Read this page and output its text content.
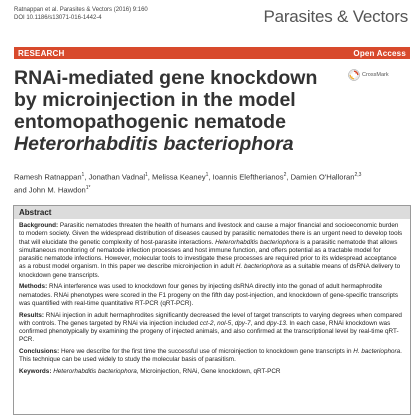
Ratnappan et al. Parasites & Vectors (2016) 9:160
DOI 10.1186/s13071-016-1442-4	Parasites & Vectors
RESEARCH	Open Access
RNAi-mediated gene knockdown by microinjection in the model entomopathogenic nematode
Heterorhabditis bacteriophora
CrossMark
Ramesh Ratnappan$^1$, Jonathan Vadnal$^1$, Melissa Keaney$^1$, Ioannis Eleftherianos$^2$, Damien O'Halloran$^{2,3}$
and John M. Hawdon$^{1*}$
Abstract

Background: Parasitic nematodes threaten the health of humans and livestock and cause a major financial and socioeconomic burden to modern society. Given the widespread distribution of diseases caused by parasitic nematodes there is an urgent need to develop tools that will elucidate the genetic complexity of host-parasite interactions. Heterorhabditis bacteriophora is a parasitic nematode that allows simultaneous monitoring of nematode infection processes and host immune function, and offers potential as a tractable model for parasitic nematode infections. However, molecular tools to investigate these processes are required prior to its widespread acceptance as a robust model organism. In this paper we describe microinjection in adult H. bacteriophora as a suitable means of dsRNA delivery to knockdown gene transcripts.

Methods: RNA interference was used to knockdown four genes by injecting dsRNA directly into the gonad of adult hermaphrodite nematodes. RNAi phenotypes were scored in the F1 progeny on the fifth day post-injection, and knockdown of gene-specific transcripts was quantified with real-time quantitative RT-PCR (qRT-PCR).

Results: RNAi injection in adult hermaphrodites significantly decreased the level of target transcripts to varying degrees when compared with controls. The genes targeted by RNAi via injection included cct-2, nol-5, dpy-7, and dpy-13. In each case, RNAi knockdown was confirmed phenotypically by examining the progeny of injected animals, and also confirmed at the transcriptional level by real-time qRT-PCR.

Conclusions: Here we describe for the first time the successful use of microinjection to knockdown gene transcripts in H. bacteriophora. This technique can be used widely to study the molecular basis of parasitism.

Keywords: Heterorhabditis bacteriophora, Microinjection, RNAi, Gene knockdown, qRT-PCR
